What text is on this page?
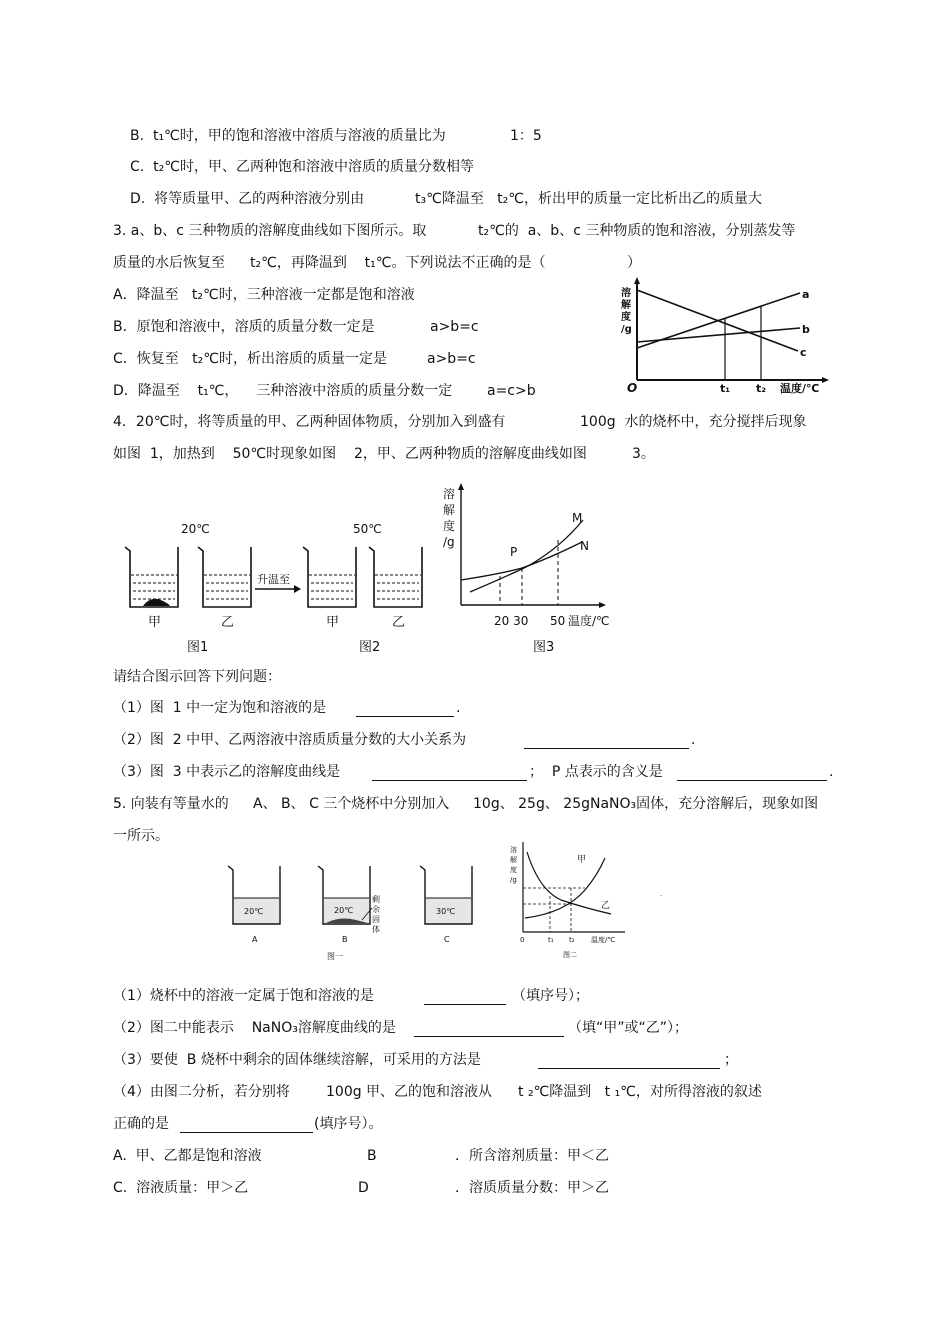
B.  t₁℃时，甲的饱和溶液中溶质与溶液的质量比为	1：5
C.  t₂℃时，甲、乙两种饱和溶液中溶质的质量分数相等
D.  将等质量甲、乙的两种溶液分别由	t₃℃降温至   t₂℃，析出甲的质量一定比析出乙的质量大
3. a、b、c 三种物质的溶解度曲线如下图所示。取	t₂℃的  a、b、c 三种物质的饱和溶液，分别蒸发等
质量的水后恢复至 t₂℃，再降温到    t₁℃。下列说法不正确的是（	）
A．降温至   t₂℃时，三种溶液一定都是饱和溶液
B．原饱和溶液中，溶质的质量分数一定是	a>b=c
C．恢复至   t₂℃时，析出溶质的质量一定是	a>b=c
D．降温至    t₁℃，    三种溶液中溶质的质量分数一定 a=c>b
溶
解
度
/g
a
b
c
O	t₁ t₂ 温度/℃
4．20℃时，将等质量的甲、乙两种固体物质，分别加入到盛有	100g  水的烧杯中，充分搅拌后现象
如图  1，加热到    50℃时现象如图    2，甲、乙两种物质的溶解度曲线如图	3。
20℃	50℃
升温至
甲	乙	甲	乙
图1	图2
溶
解
度
/g
P
M
N
20 30 50 温度/℃
图3
请结合图示回答下列问题：
（1）图  1 中一定为饱和溶液的是	.
（2）图  2 中甲、乙两溶液中溶质质量分数的大小关系为	.
（3）图  3 中表示乙的溶解度曲线是	；  P 点表示的含义是	.
5. 向装有等量水的 A、 B、 C 三个烧杯中分别加入 10g、 25g、 25gNaNO₃固体，充分溶解后，现象如图
一所示。
20℃
A
20℃
剩
余
固
体
B
30℃
C
图一
溶
解
度
/g
甲
乙
0	t₁ t₂ 温度/℃
图二
.
（1）烧杯中的溶液一定属于饱和溶液的是	（填序号）；
（2）图二中能表示    NaNO₃溶解度曲线的是	（填“甲”或“乙”）；
（3）要使  B 烧杯中剩余的固体继续溶解，可采用的方法是	；
（4）由图二分析，若分别将	100g 甲、乙的饱和溶液从 t ₂℃降温到   t ₁℃，对所得溶液的叙述
正确的是	(填序号）。
A.  甲、乙都是饱和溶液	B	．所含溶剂质量：甲＜乙
C.  溶液质量：甲＞乙	D	．溶质质量分数：甲＞乙
